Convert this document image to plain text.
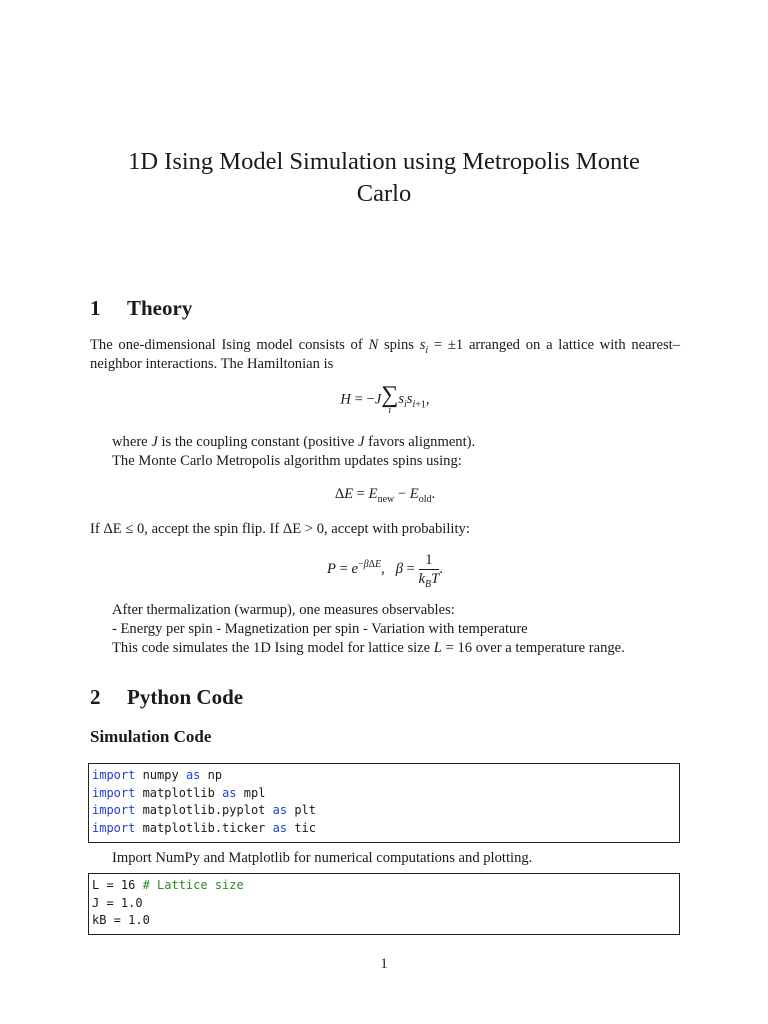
1D Ising Model Simulation using Metropolis Monte Carlo
1 Theory
The one-dimensional Ising model consists of N spins $s_i = \pm 1$ arranged on a lattice with nearest–neighbor interactions. The Hamiltonian is
H = −J ∑
i
$s_is_{i+1}$,
where J is the coupling constant (positive J favors alignment).
The Monte Carlo Metropolis algorithm updates spins using:
$\Delta E = E_{new} - E_{old}$.
If ΔE ≤ 0, accept the spin flip. If ΔE > 0, accept with probability:
$P = e^{-\beta\Delta E}$,   $\beta = \frac{1}{k_BT}$ .
After thermalization (warmup), one measures observables:
- Energy per spin - Magnetization per spin - Variation with temperature
This code simulates the 1D Ising model for lattice size L = 16 over a temperature range.
2 Python Code
Simulation Code
import numpy as np
import matplotlib as mpl
import matplotlib.pyplot as plt
import matplotlib.ticker as tic
Import NumPy and Matplotlib for numerical computations and plotting.
L = 16 # Lattice size
J = 1.0
kB = 1.0
1
